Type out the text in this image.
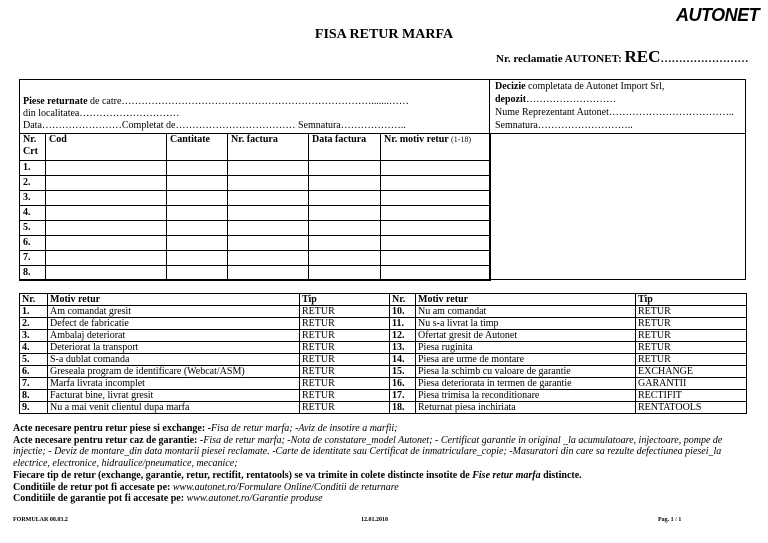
AUTONET
FISA RETUR MARFA
Nr. reclamatie AUTONET: REC……………………
Piese returnate de catre………………………………………………………………….......……
din localitatea…………………………
Data……………………Completat de……………………………… Semnatura………………..
Decizie completata de Autonet Import Srl,
depozit………………………
Nume Reprezentant Autonet………………………………..
Semnatura………………………..
Nr. Crt	Cod	Cantitate	Nr. factura	Data factura	Nr. motiv retur (1-18)
1.					
2.					
3.					
4.					
5.					
6.					
7.					
8.					
Nr.	Motiv retur	Tip
1.	Am comandat gresit	RETUR
2.	Defect de fabricatie	RETUR
3.	Ambalaj deteriorat	RETUR
4.	Deteriorat la transport	RETUR
5.	S-a dublat comanda	RETUR
6.	Greseala program de identificare (Webcat/ASM)	RETUR
7.	Marfa livrata incomplet	RETUR
8.	Facturat bine, livrat gresit	RETUR
9.	Nu a mai venit clientul dupa marfa	RETUR
Nr.	Motiv retur	Tip
10.	Nu am comandat	RETUR
11.	Nu s-a livrat la timp	RETUR
12.	Ofertat gresit de Autonet	RETUR
13.	Piesa ruginita	RETUR
14.	Piesa are urme de montare	RETUR
15.	Piesa la schimb cu valoare de garantie	EXCHANGE
16.	Piesa deteriorata in termen de garantie	GARANTII
17.	Piesa trimisa la reconditionare	RECTIFIT
18.	Returnat piesa inchiriata	RENTATOOLS

Acte necesare pentru retur piese si exchange: -Fisa de retur marfa; -Aviz de insotire a marfii;

Acte necesare pentru retur caz de garantie: -Fisa de retur marfa; -Nota de constatare_model Autonet; - Certificat garantie in original _la acumulatoare, injectoare, pompe de injectie; - Deviz de montare_din data montarii piesei reclamate. -Carte de identitate sau Certificat de inmatriculare_copie; -Masuratori din care sa rezulte defectiunea piesei_la electrice, electronice, hidraulice/pneumatice, mecanice;

Fiecare tip de retur (exchange, garantie, retur, rectifit, rentatools) se va trimite in colete distincte insotite de Fise retur marfa distincte.

Conditiile de retur pot fi accesate pe: www.autonet.ro/Formulare Online/Conditii de returnare

Conditiile de garantie pot fi accesate pe: www.autonet.ro/Garantie produse

FORMULAR 08.03.2	12.01.2018	Pag. 1 / 1
